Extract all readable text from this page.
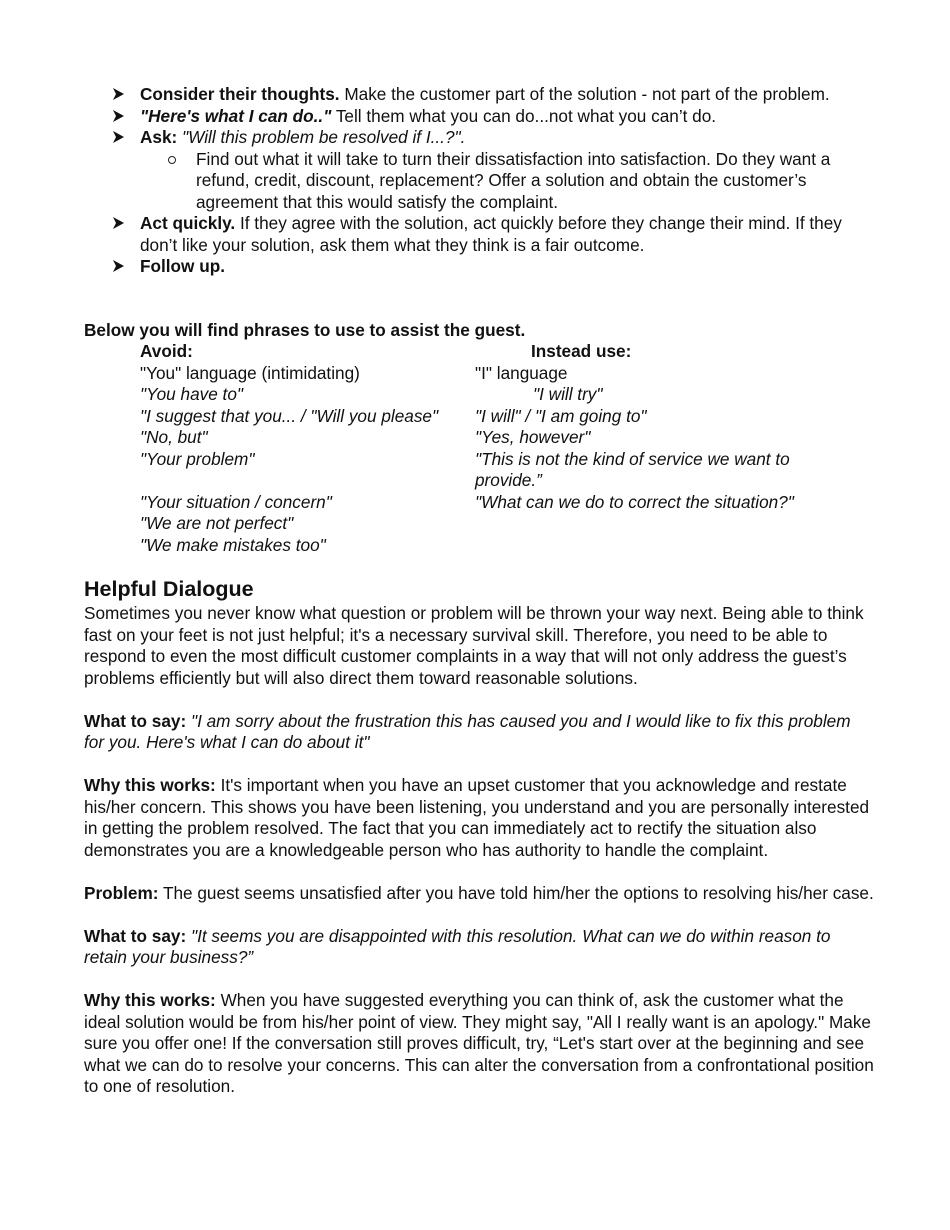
Consider their thoughts. Make the customer part of the solution - not part of the problem.
"Here's what I can do.." Tell them what you can do...not what you can’t do.
Ask: "Will this problem be resolved if I...?".
Find out what it will take to turn their dissatisfaction into satisfaction. Do they want a refund, credit, discount, replacement? Offer a solution and obtain the customer’s agreement that this would satisfy the complaint.
Act quickly. If they agree with the solution, act quickly before they change their mind. If they don’t like your solution, ask them what they think is a fair outcome.
Follow up.
Below you will find phrases to use to assist the guest.
Avoid:	Instead use:
"You" language (intimidating)	"I" language
"You have to"	"I will try"
"I suggest that you... / "Will you please"	"I will" / "I am going to"
"No, but"	"Yes, however"
"Your problem"	"This is not the kind of service we want to provide.”
"Your situation / concern"	"What can we do to correct the situation?"
"We are not perfect"
"We make mistakes too"
Helpful Dialogue

Sometimes you never know what question or problem will be thrown your way next. Being able to think fast on your feet is not just helpful; it's a necessary survival skill. Therefore, you need to be able to respond to even the most difficult customer complaints in a way that will not only address the guest’s problems efficiently but will also direct them toward reasonable solutions.

What to say: "I am sorry about the frustration this has caused you and I would like to fix this problem for you. Here's what I can do about it"

Why this works: It's important when you have an upset customer that you acknowledge and restate his/her concern. This shows you have been listening, you understand and you are personally interested in getting the problem resolved. The fact that you can immediately act to rectify the situation also demonstrates you are a knowledgeable person who has authority to handle the complaint.

Problem: The guest seems unsatisfied after you have told him/her the options to resolving his/her case.

What to say: "It seems you are disappointed with this resolution. What can we do within reason to retain your business?”

Why this works: When you have suggested everything you can think of, ask the customer what the ideal solution would be from his/her point of view. They might say, "All I really want is an apology." Make sure you offer one! If the conversation still proves difficult, try, “Let's start over at the beginning and see what we can do to resolve your concerns. This can alter the conversation from a confrontational position to one of resolution.
